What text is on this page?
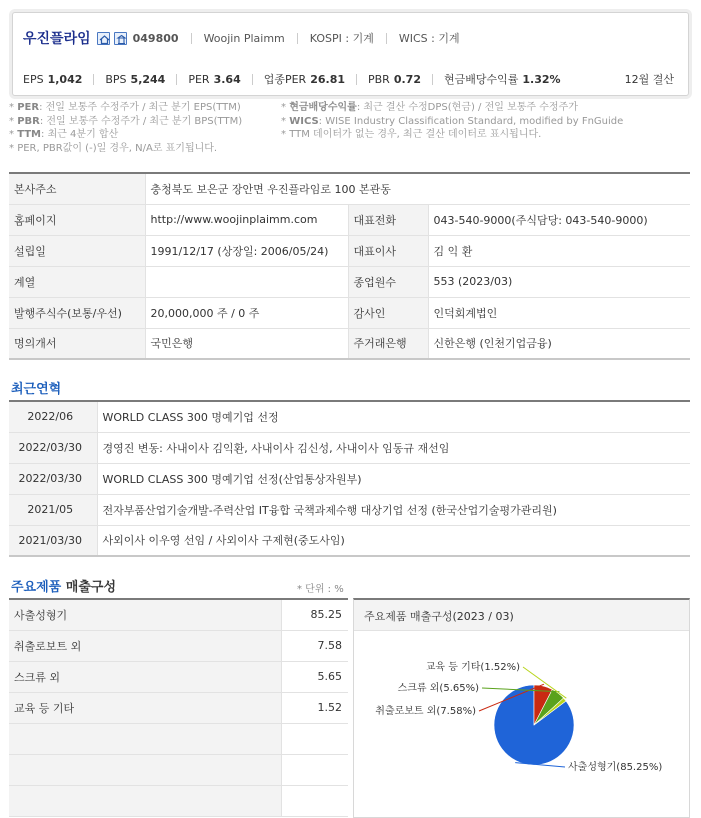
우진플라임	049800 Woojin Plaimm KOSPI : 기계 WICS : 기계
EPS 1,042 BPS 5,244 PER 3.64 업종PER 26.81 PBR 0.72 현금배당수익률 1.32%	12월 결산
* PER: 전일 보통주 수정주가 / 최근 분기 EPS(TTM)
* PBR: 전일 보통주 수정주가 / 최근 분기 BPS(TTM)
* TTM: 최근 4분기 합산
* PER, PBR값이 (-)일 경우, N/A로 표기됩니다.
* 현금배당수익률: 최근 결산 수정DPS(현금) / 전일 보통주 수정주가
* WICS: WISE Industry Classification Standard, modified by FnGuide
* TTM 데이터가 없는 경우, 최근 결산 데이터로 표시됩니다.
본사주소	충청북도 보은군 장안면 우진플라임로 100 본관동		
홈페이지	http://www.woojinplaimm.com	대표전화	043-540-9000(주식담당: 043-540-9000)
설립일	1991/12/17 (상장일: 2006/05/24)	대표이사	김 익 환
계열		종업원수	553 (2023/03)
발행주식수(보통/우선)	20,000,000 주 / 0 주	감사인	인덕회계법인
명의개서	국민은행	주거래은행	신한은행 (인천기업금융)
최근연혁
2022/06	WORLD CLASS 300 명예기업 선정
2022/03/30	경영진 변동: 사내이사 김익환, 사내이사 김신성, 사내이사 임동규 재선임
2022/03/30	WORLD CLASS 300 명예기업 선정(산업통상자원부)
2021/05	전자부품산업기술개발-주력산업 IT융합 국책과제수행 대상기업 선정 (한국산업기술평가관리원)
2021/03/30	사외이사 이우영 선임 / 사외이사 구제현(중도사임)
주요제품 매출구성	* 단위 : %
사출성형기	85.25
취출로보트 외	7.58
스크류 외	5.65
교육 등 기타	1.52

주요제품 매출구성(2023 / 03)
사출성형기(85.25%)
취출로보트 외(7.58%)
스크류 외(5.65%)
교육 등 기타(1.52%)
